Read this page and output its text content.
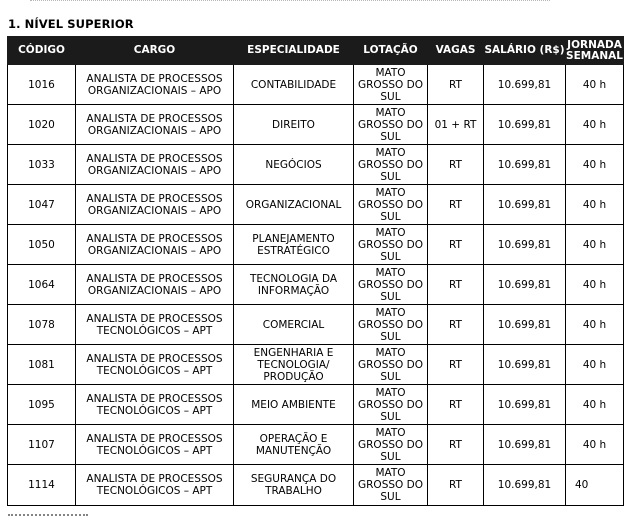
1. NÍVEL SUPERIOR
CÓDIGO	CARGO	ESPECIALIDADE	LOTAÇÃO	VAGAS	SALÁRIO (R$)	JORNADA SEMANAL
1016	ANALISTA DE PROCESSOS ORGANIZACIONAIS – APO	CONTABILIDADE	MATO GROSSO DO SUL	RT	10.699,81	40 h
1020	ANALISTA DE PROCESSOS ORGANIZACIONAIS – APO	DIREITO	MATO GROSSO DO SUL	01 + RT	10.699,81	40 h
1033	ANALISTA DE PROCESSOS ORGANIZACIONAIS – APO	NEGÓCIOS	MATO GROSSO DO SUL	RT	10.699,81	40 h
1047	ANALISTA DE PROCESSOS ORGANIZACIONAIS – APO	ORGANIZACIONAL	MATO GROSSO DO SUL	RT	10.699,81	40 h
1050	ANALISTA DE PROCESSOS ORGANIZACIONAIS – APO	PLANEJAMENTO ESTRATÉGICO	MATO GROSSO DO SUL	RT	10.699,81	40 h
1064	ANALISTA DE PROCESSOS ORGANIZACIONAIS – APO	TECNOLOGIA DA INFORMAÇÃO	MATO GROSSO DO SUL	RT	10.699,81	40 h
1078	ANALISTA DE PROCESSOS TECNOLÓGICOS – APT	COMERCIAL	MATO GROSSO DO SUL	RT	10.699,81	40 h
1081	ANALISTA DE PROCESSOS TECNOLÓGICOS – APT	ENGENHARIA E TECNOLOGIA/ PRODUÇÃO	MATO GROSSO DO SUL	RT	10.699,81	40 h
1095	ANALISTA DE PROCESSOS TECNOLÓGICOS – APT	MEIO AMBIENTE	MATO GROSSO DO SUL	RT	10.699,81	40 h
1107	ANALISTA DE PROCESSOS TECNOLÓGICOS – APT	OPERAÇÃO E MANUTENÇÃO	MATO GROSSO DO SUL	RT	10.699,81	40 h
1114	ANALISTA DE PROCESSOS TECNOLÓGICOS – APT	SEGURANÇA DO TRABALHO	MATO GROSSO DO SUL	RT	10.699,81	40
